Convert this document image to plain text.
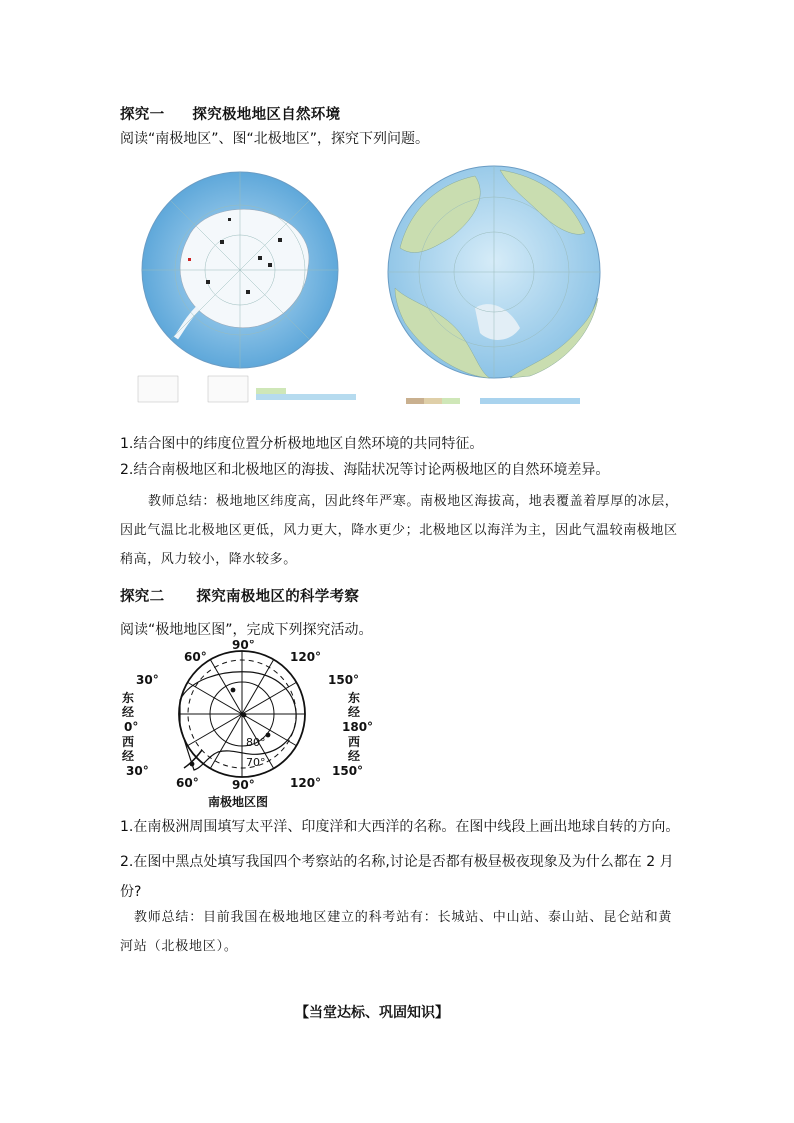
探究一 探究极地地区自然环境
阅读“南极地区”、图“北极地区”，探究下列问题。
1.结合图中的纬度位置分析极地地区自然环境的共同特征。
2.结合南极地区和北极地区的海拔、海陆状况等讨论两极地区的自然环境差异。
教师总结：极地地区纬度高，因此终年严寒。南极地区海拔高，地表覆盖着厚厚的冰层，因此气温比北极地区更低，风力更大，降水更少；北极地区以海洋为主，因此气温较南极地区稍高，风力较小，降水较多。
探究二 探究南极地区的科学考察
阅读“极地地区图”，完成下列探究活动。
90°
90°
60°
30°
东
经
0°
西
经
30°
60°
120°
150°
东
经
180°
西
经
150°
120°
80°
70°
南极地区图
1.在南极洲周围填写太平洋、印度洋和大西洋的名称。在图中线段上画出地球自转的方向。
2.在图中黑点处填写我国四个考察站的名称,讨论是否都有极昼极夜现象及为什么都在 2 月份?
教师总结：目前我国在极地地区建立的科考站有：长城站、中山站、泰山站、昆仑站和黄河站（北极地区）。
【当堂达标、巩固知识】
